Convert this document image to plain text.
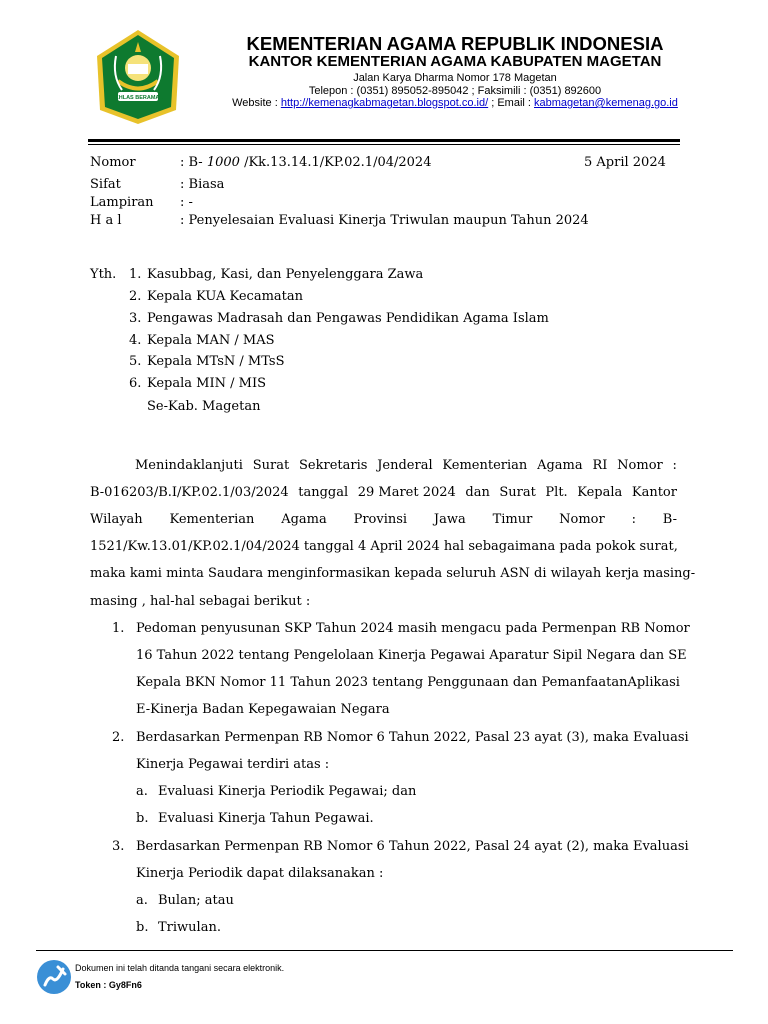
IKHLAS BERAMAL
KEMENTERIAN AGAMA REPUBLIK INDONESIA
KANTOR KEMENTERIAN AGAMA KABUPATEN MAGETAN
Jalan Karya Dharma Nomor 178 Magetan
Telepon : (0351) 895052-895042 ; Faksimili : (0351) 892600
Website : http://kemenagkabmagetan.blogspot.co.id/ ; Email : kabmagetan@kemenag.go.id
Nomor	: B- 1000 /Kk.13.14.1/KP.02.1/04/2024	5 April 2024
Sifat	: Biasa
Lampiran : -
H a l	: Penyelesaian Evaluasi Kinerja Triwulan maupun Tahun 2024
Yth. 1. Kasubbag, Kasi, dan Penyelenggara Zawa
2. Kepala KUA Kecamatan
3. Pengawas Madrasah dan Pengawas Pendidikan Agama Islam
4. Kepala MAN / MAS
5. Kepala MTsN / MTsS
6. Kepala MIN / MIS
Se-Kab. Magetan
Menindaklanjuti Surat Sekretaris Jenderal Kementerian Agama RI Nomor :
B-016203/B.I/KP.02.1/03/2024 tanggal 29 Maret 2024 dan Surat Plt. Kepala Kantor
Wilayah Kementerian Agama Provinsi Jawa Timur Nomor : B-
1521/Kw.13.01/KP.02.1/04/2024 tanggal 4 April 2024 hal sebagaimana pada pokok surat,
maka kami minta Saudara menginformasikan kepada seluruh ASN di wilayah kerja masing-
masing , hal-hal sebagai berikut :
1. Pedoman penyusunan SKP Tahun 2024 masih mengacu pada Permenpan RB Nomor
16 Tahun 2022 tentang Pengelolaan Kinerja Pegawai Aparatur Sipil Negara dan SE
Kepala BKN Nomor 11 Tahun 2023 tentang Penggunaan dan PemanfaatanAplikasi
E-Kinerja Badan Kepegawaian Negara
2. Berdasarkan Permenpan RB Nomor 6 Tahun 2022, Pasal 23 ayat (3), maka Evaluasi
Kinerja Pegawai terdiri atas :
a. Evaluasi Kinerja Periodik Pegawai; dan
b. Evaluasi Kinerja Tahun Pegawai.
3. Berdasarkan Permenpan RB Nomor 6 Tahun 2022, Pasal 24 ayat (2), maka Evaluasi
Kinerja Periodik dapat dilaksanakan :
a. Bulan; atau
b. Triwulan.
Dokumen ini telah ditanda tangani secara elektronik.
Token : Gy8Fn6
